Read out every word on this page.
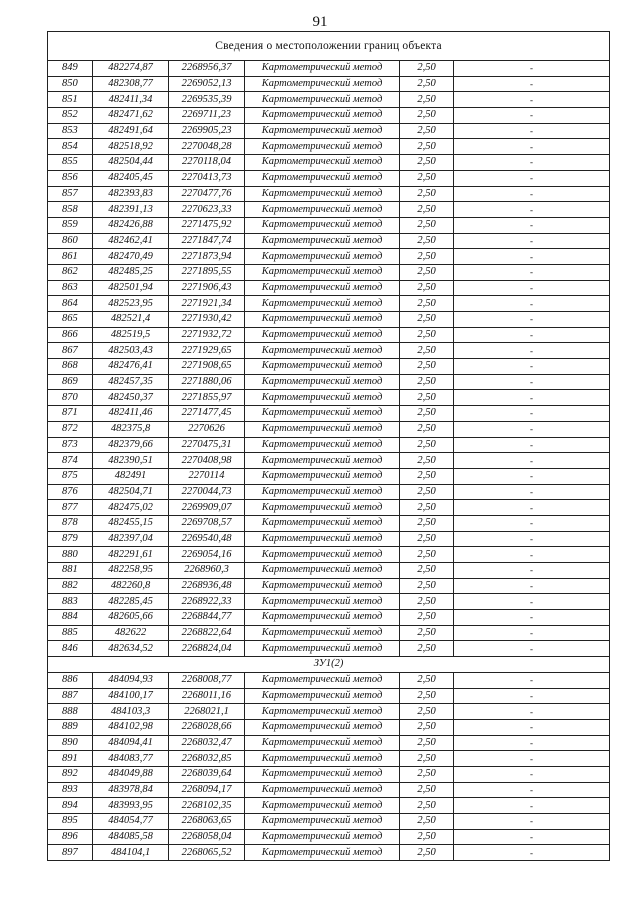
91
Сведения о местоположении границ объекта					
849	482274,87	2268956,37	Картометрический метод	2,50	-
850	482308,77	2269052,13	Картометрический метод	2,50	-
851	482411,34	2269535,39	Картометрический метод	2,50	-
852	482471,62	2269711,23	Картометрический метод	2,50	-
853	482491,64	2269905,23	Картометрический метод	2,50	-
854	482518,92	2270048,28	Картометрический метод	2,50	-
855	482504,44	2270118,04	Картометрический метод	2,50	-
856	482405,45	2270413,73	Картометрический метод	2,50	-
857	482393,83	2270477,76	Картометрический метод	2,50	-
858	482391,13	2270623,33	Картометрический метод	2,50	-
859	482426,88	2271475,92	Картометрический метод	2,50	-
860	482462,41	2271847,74	Картометрический метод	2,50	-
861	482470,49	2271873,94	Картометрический метод	2,50	-
862	482485,25	2271895,55	Картометрический метод	2,50	-
863	482501,94	2271906,43	Картометрический метод	2,50	-
864	482523,95	2271921,34	Картометрический метод	2,50	-
865	482521,4	2271930,42	Картометрический метод	2,50	-
866	482519,5	2271932,72	Картометрический метод	2,50	-
867	482503,43	2271929,65	Картометрический метод	2,50	-
868	482476,41	2271908,65	Картометрический метод	2,50	-
869	482457,35	2271880,06	Картометрический метод	2,50	-
870	482450,37	2271855,97	Картометрический метод	2,50	-
871	482411,46	2271477,45	Картометрический метод	2,50	-
872	482375,8	2270626	Картометрический метод	2,50	-
873	482379,66	2270475,31	Картометрический метод	2,50	-
874	482390,51	2270408,98	Картометрический метод	2,50	-
875	482491	2270114	Картометрический метод	2,50	-
876	482504,71	2270044,73	Картометрический метод	2,50	-
877	482475,02	2269909,07	Картометрический метод	2,50	-
878	482455,15	2269708,57	Картометрический метод	2,50	-
879	482397,04	2269540,48	Картометрический метод	2,50	-
880	482291,61	2269054,16	Картометрический метод	2,50	-
881	482258,95	2268960,3	Картометрический метод	2,50	-
882	482260,8	2268936,48	Картометрический метод	2,50	-
883	482285,45	2268922,33	Картометрический метод	2,50	-
884	482605,66	2268844,77	Картометрический метод	2,50	-
885	482622	2268822,64	Картометрический метод	2,50	-
846	482634,52	2268824,04	Картометрический метод	2,50	-
ЗУ1(2)					
886	484094,93	2268008,77	Картометрический метод	2,50	-
887	484100,17	2268011,16	Картометрический метод	2,50	-
888	484103,3	2268021,1	Картометрический метод	2,50	-
889	484102,98	2268028,66	Картометрический метод	2,50	-
890	484094,41	2268032,47	Картометрический метод	2,50	-
891	484083,77	2268032,85	Картометрический метод	2,50	-
892	484049,88	2268039,64	Картометрический метод	2,50	-
893	483978,84	2268094,17	Картометрический метод	2,50	-
894	483993,95	2268102,35	Картометрический метод	2,50	-
895	484054,77	2268063,65	Картометрический метод	2,50	-
896	484085,58	2268058,04	Картометрический метод	2,50	-
897	484104,1	2268065,52	Картометрический метод	2,50	-
